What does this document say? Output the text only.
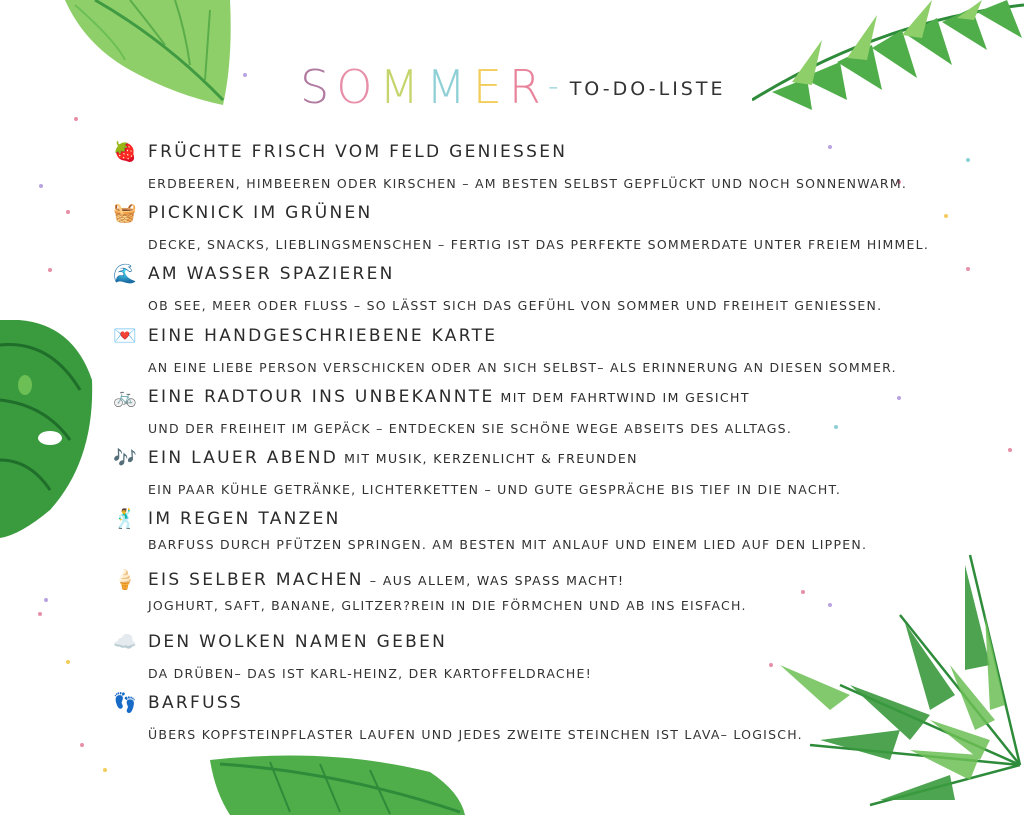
S O M M E R - TO-DO-LISTE
🍓 FRÜCHTE FRISCH VOM FELD GENIESSEN
ERDBEEREN, HIMBEEREN ODER KIRSCHEN – AM BESTEN SELBST GEPFLÜCKT UND NOCH SONNENWARM.
🧺 PICKNICK IM GRÜNEN
DECKE, SNACKS, LIEBLINGSMENSCHEN – FERTIG IST DAS PERFEKTE SOMMERDATE UNTER FREIEM HIMMEL.
🌊 AM WASSER SPAZIEREN
OB SEE, MEER ODER FLUSS – SO LÄSST SICH DAS GEFÜHL VON SOMMER UND FREIHEIT GENIESSEN.
💌 EINE HANDGESCHRIEBENE KARTE
AN EINE LIEBE PERSON VERSCHICKEN ODER AN SICH SELBST– ALS ERINNERUNG AN DIESEN SOMMER.
🚲 EINE RADTOUR INS UNBEKANNTE MIT DEM FAHRTWIND IM GESICHT
UND DER FREIHEIT IM GEPÄCK – ENTDECKEN SIE SCHÖNE WEGE ABSEITS DES ALLTAGS.
🎶 EIN LAUER ABEND MIT MUSIK, KERZENLICHT & FREUNDEN
EIN PAAR KÜHLE GETRÄNKE, LICHTERKETTEN – UND GUTE GESPRÄCHE BIS TIEF IN DIE NACHT.
🕺 IM REGEN TANZEN
BARFUSS DURCH PFÜTZEN SPRINGEN. AM BESTEN MIT ANLAUF UND EINEM LIED AUF DEN LIPPEN.
🍦 EIS SELBER MACHEN – AUS ALLEM, WAS SPASS MACHT!
JOGHURT, SAFT, BANANE, GLITZER?REIN IN DIE FÖRMCHEN UND AB INS EISFACH.
☁️ DEN WOLKEN NAMEN GEBEN
DA DRÜBEN– DAS IST KARL-HEINZ, DER KARTOFFELDRACHE!
👣 BARFUSS
ÜBERS KOPFSTEINPFLASTER LAUFEN UND JEDES ZWEITE STEINCHEN IST LAVA– LOGISCH.
